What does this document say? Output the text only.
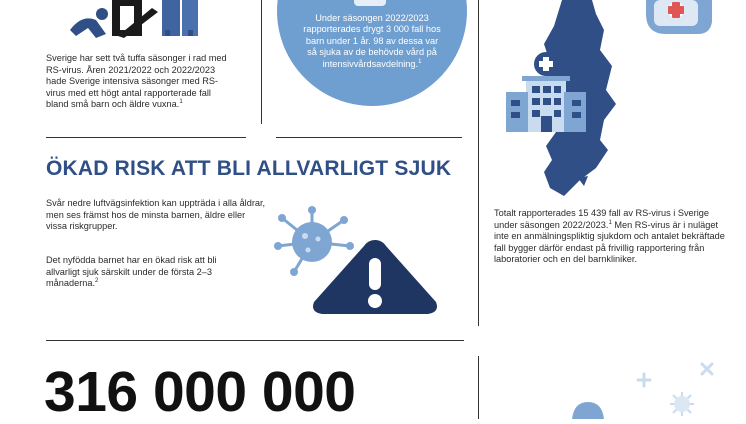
Sverige har sett två tuffa säsonger i rad med RS-virus. Åren 2021/2022 och 2022/2023 hade Sverige intensiva säsonger med RS-virus med ett högt antal rapporterade fall bland små barn och äldre vuxna.$^1$
Under säsongen 2022/2023 rapporterades drygt 3 000 fall hos barn under 1 år. 98 av dessa var så sjuka av de behövde vård på intensivvårdsavdelning.$^1$
Totalt rapporterades 15 439 fall av RS-virus i Sverige under säsongen 2022/2023.$^1$ Men RS-virus är i nuläget inte en anmälningspliktig sjukdom och antalet bekräftade fall bygger därför endast på frivillig rapportering från laboratorier och en del barnkliniker.
ÖKAD RISK ATT BLI ALLVARLIGT SJUK
Svår nedre luftvägsinfektion kan uppträda i alla åldrar, men ses främst hos de minsta barnen, äldre eller vissa riskgrupper.
Det nyfödda barnet har en ökad risk att bli allvarligt sjuk särskilt under de första 2–3 månaderna.$^2$
316 000 000
